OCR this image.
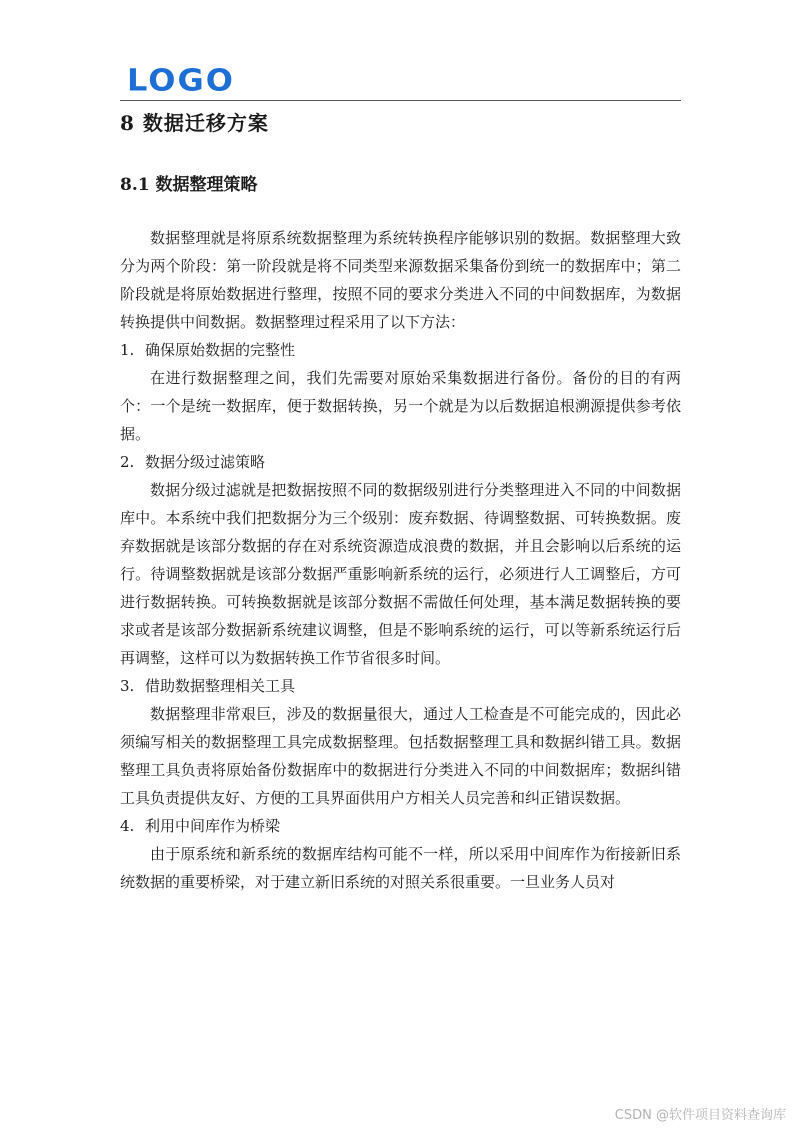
LOGO
8 数据迁移方案
8.1 数据整理策略

数据整理就是将原系统数据整理为系统转换程序能够识别的数据。数据整理大致分为两个阶段：第一阶段就是将不同类型来源数据采集备份到统一的数据库中；第二阶段就是将原始数据进行整理，按照不同的要求分类进入不同的中间数据库，为数据转换提供中间数据。数据整理过程采用了以下方法：

1. 确保原始数据的完整性

在进行数据整理之间，我们先需要对原始采集数据进行备份。备份的目的有两个：一个是统一数据库，便于数据转换，另一个就是为以后数据追根溯源提供参考依据。

2. 数据分级过滤策略

数据分级过滤就是把数据按照不同的数据级别进行分类整理进入不同的中间数据库中。本系统中我们把数据分为三个级别：废弃数据、待调整数据、可转换数据。废弃数据就是该部分数据的存在对系统资源造成浪费的数据，并且会影响以后系统的运行。待调整数据就是该部分数据严重影响新系统的运行，必须进行人工调整后，方可进行数据转换。可转换数据就是该部分数据不需做任何处理，基本满足数据转换的要求或者是该部分数据新系统建议调整，但是不影响系统的运行，可以等新系统运行后再调整，这样可以为数据转换工作节省很多时间。

3. 借助数据整理相关工具

数据整理非常艰巨，涉及的数据量很大，通过人工检查是不可能完成的，因此必须编写相关的数据整理工具完成数据整理。包括数据整理工具和数据纠错工具。数据整理工具负责将原始备份数据库中的数据进行分类进入不同的中间数据库；数据纠错工具负责提供友好、方便的工具界面供用户方相关人员完善和纠正错误数据。

4. 利用中间库作为桥梁

由于原系统和新系统的数据库结构可能不一样，所以采用中间库作为衔接新旧系统数据的重要桥梁，对于建立新旧系统的对照关系很重要。一旦业务人员对

CSDN @软件项目资料查询库
